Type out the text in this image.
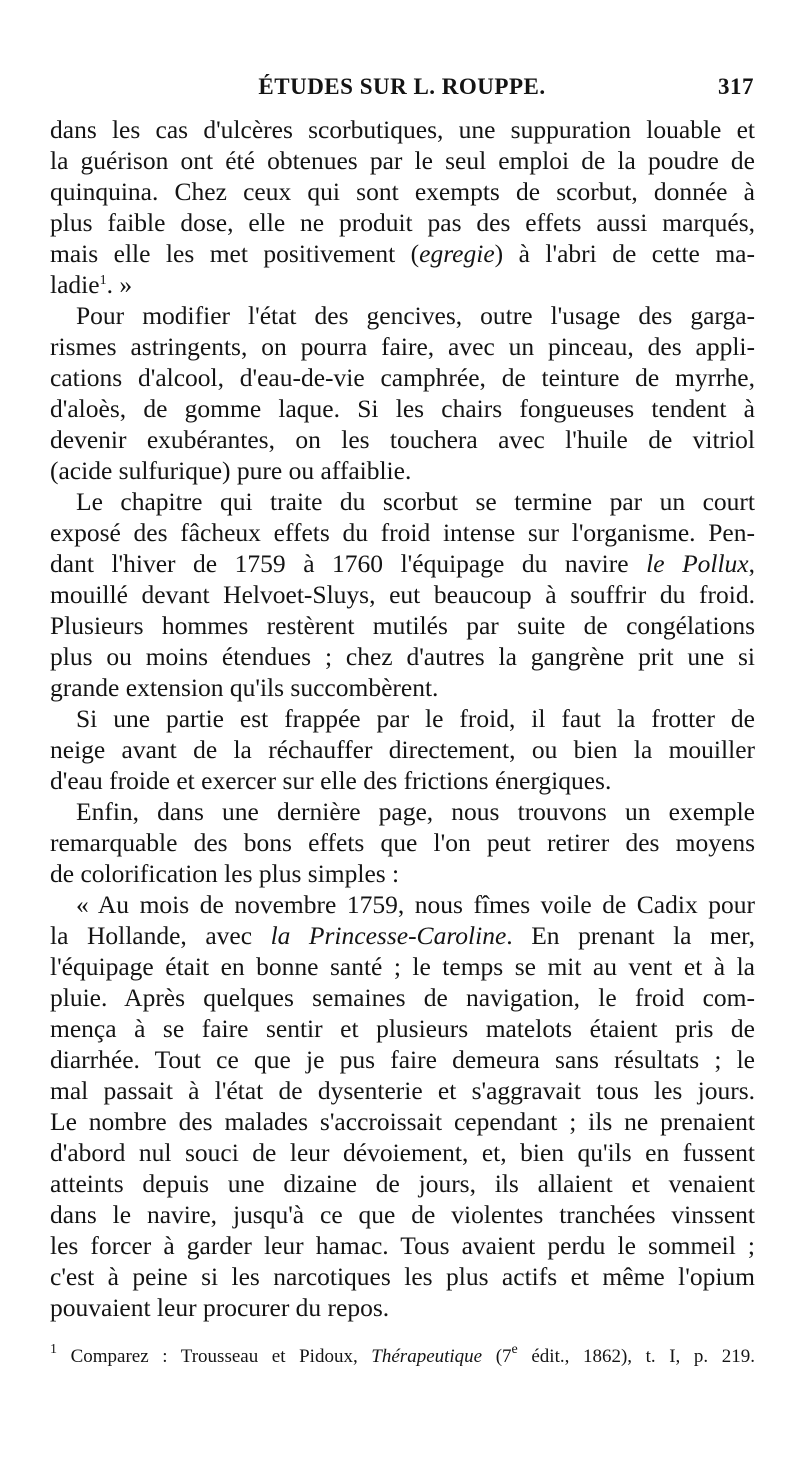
ÉTUDES SUR L. ROUPPE.	317
dans les cas d'ulcères scorbutiques, une suppuration louable et
la guérison ont été obtenues par le seul emploi de la poudre de
quinquina. Chez ceux qui sont exempts de scorbut, donnée à
plus faible dose, elle ne produit pas des effets aussi marqués,
mais elle les met positivement (egregie) à l'abri de cette ma-
ladie$^1$. »
Pour modifier l'état des gencives, outre l'usage des garga-
rismes astringents, on pourra faire, avec un pinceau, des appli-
cations d'alcool, d'eau-de-vie camphrée, de teinture de myrrhe,
d'aloès, de gomme laque. Si les chairs fongueuses tendent à
devenir exubérantes, on les touchera avec l'huile de vitriol
(acide sulfurique) pure ou affaiblie.
Le chapitre qui traite du scorbut se termine par un court
exposé des fâcheux effets du froid intense sur l'organisme. Pen-
dant l'hiver de 1759 à 1760 l'équipage du navire le Pollux,
mouillé devant Helvoet-Sluys, eut beaucoup à souffrir du froid.
Plusieurs hommes restèrent mutilés par suite de congélations
plus ou moins étendues ; chez d'autres la gangrène prit une si
grande extension qu'ils succombèrent.
Si une partie est frappée par le froid, il faut la frotter de
neige avant de la réchauffer directement, ou bien la mouiller
d'eau froide et exercer sur elle des frictions énergiques.
Enfin, dans une dernière page, nous trouvons un exemple
remarquable des bons effets que l'on peut retirer des moyens
de colorification les plus simples :
« Au mois de novembre 1759, nous fîmes voile de Cadix pour
la Hollande, avec la Princesse-Caroline. En prenant la mer,
l'équipage était en bonne santé ; le temps se mit au vent et à la
pluie. Après quelques semaines de navigation, le froid com-
mença à se faire sentir et plusieurs matelots étaient pris de
diarrhée. Tout ce que je pus faire demeura sans résultats ; le
mal passait à l'état de dysenterie et s'aggravait tous les jours.
Le nombre des malades s'accroissait cependant ; ils ne prenaient
d'abord nul souci de leur dévoiement, et, bien qu'ils en fussent
atteints depuis une dizaine de jours, ils allaient et venaient
dans le navire, jusqu'à ce que de violentes tranchées vinssent
les forcer à garder leur hamac. Tous avaient perdu le sommeil ;
c'est à peine si les narcotiques les plus actifs et même l'opium
pouvaient leur procurer du repos.
$^1$ Comparez : Trousseau et Pidoux, Thérapeutique (7e édit., 1862), t. I, p. 219.
